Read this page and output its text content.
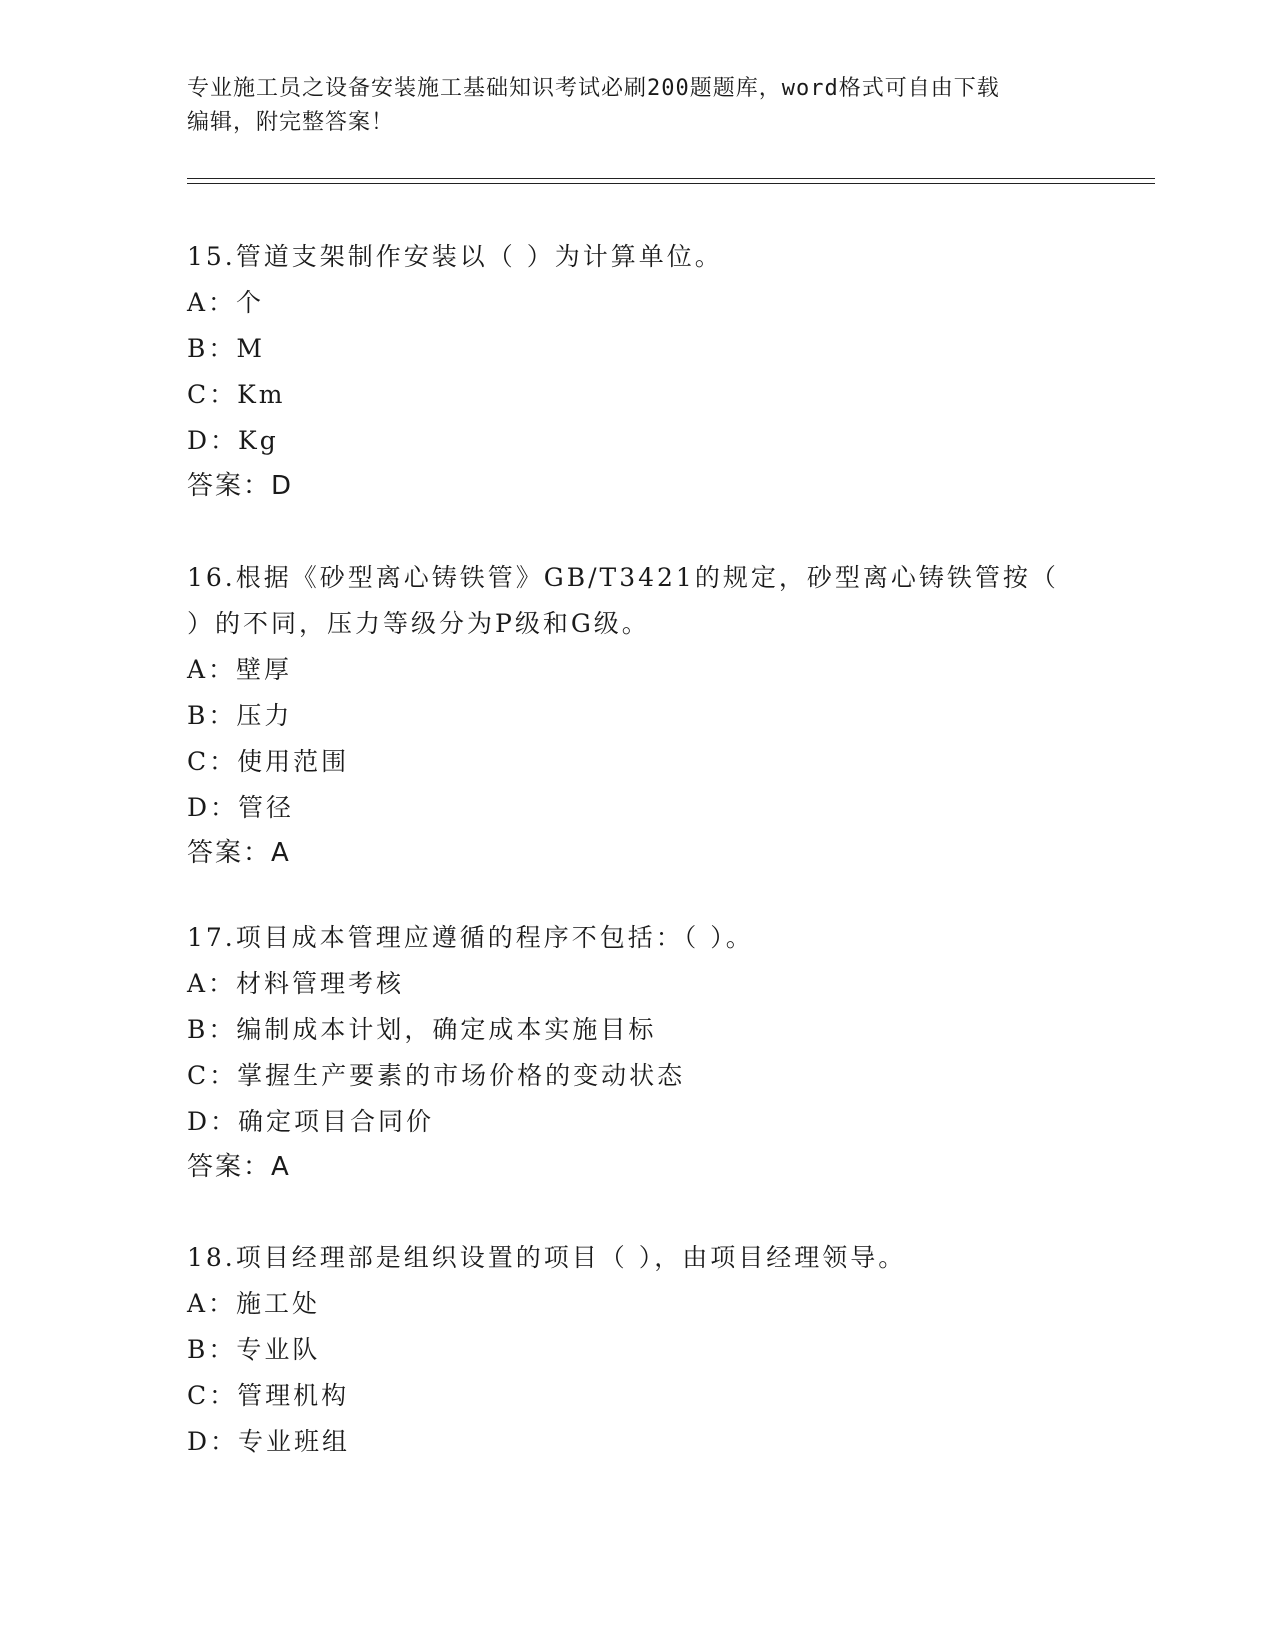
专业施工员之设备安装施工基础知识考试必刷200题题库，word格式可自由下载
编辑，附完整答案！
15.管道支架制作安装以（ ）为计算单位。
A：个
B：M
C：Km
D：Kg
答案：D
16.根据《砂型离心铸铁管》GB/T3421的规定，砂型离心铸铁管按（
）的不同，压力等级分为P级和G级。
A：壁厚
B：压力
C：使用范围
D：管径
答案：A
17.项目成本管理应遵循的程序不包括：（ ）。
A：材料管理考核
B：编制成本计划，确定成本实施目标
C：掌握生产要素的市场价格的变动状态
D：确定项目合同价
答案：A
18.项目经理部是组织设置的项目（ ），由项目经理领导。
A：施工处
B：专业队
C：管理机构
D：专业班组
